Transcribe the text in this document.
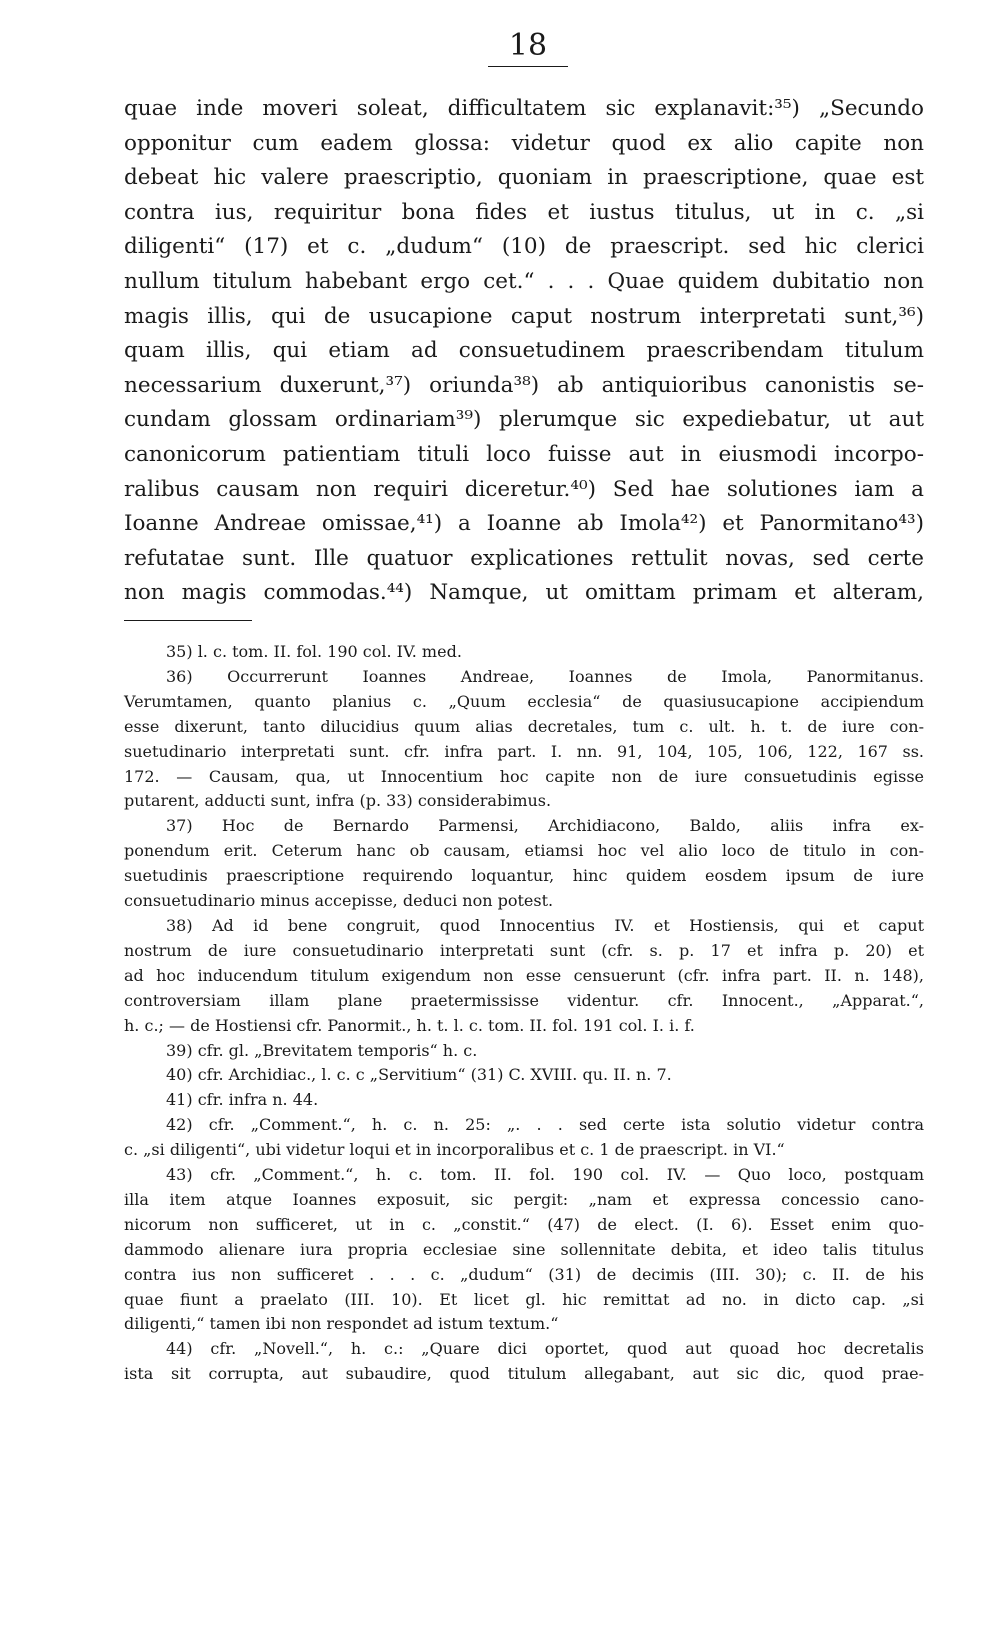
18
quae inde moveri soleat, difficultatem sic explanavit:³⁵) „Secundo
opponitur cum eadem glossa: videtur quod ex alio capite non
debeat hic valere praescriptio, quoniam in praescriptione, quae est
contra ius, requiritur bona fides et iustus titulus, ut in c. „si
diligenti“ (17) et c. „dudum“ (10) de praescript. sed hic clerici
nullum titulum habebant ergo cet.“ . . . Quae quidem dubitatio non
magis illis, qui de usucapione caput nostrum interpretati sunt,³⁶)
quam illis, qui etiam ad consuetudinem praescribendam titulum
necessarium duxerunt,³⁷) oriunda³⁸) ab antiquioribus canonistis se-
cundam glossam ordinariam³⁹) plerumque sic expediebatur, ut aut
canonicorum patientiam tituli loco fuisse aut in eiusmodi incorpo-
ralibus causam non requiri diceretur.⁴⁰) Sed hae solutiones iam a
Ioanne Andreae omissae,⁴¹) a Ioanne ab Imola⁴²) et Panormitano⁴³)
refutatae sunt. Ille quatuor explicationes rettulit novas, sed certe
non magis commodas.⁴⁴) Namque, ut omittam primam et alteram,
35) l. c. tom. II. fol. 190 col. IV. med.
36) Occurrerunt Ioannes Andreae, Ioannes de Imola, Panormitanus.
Verumtamen, quanto planius c. „Quum ecclesia“ de quasiusucapione accipiendum
esse dixerunt, tanto dilucidius quum alias decretales, tum c. ult. h. t. de iure con-
suetudinario interpretati sunt. cfr. infra part. I. nn. 91, 104, 105, 106, 122, 167 ss.
172. — Causam, qua, ut Innocentium hoc capite non de iure consuetudinis egisse
putarent, adducti sunt, infra (p. 33) considerabimus.
37) Hoc de Bernardo Parmensi, Archidiacono, Baldo, aliis infra ex-
ponendum erit. Ceterum hanc ob causam, etiamsi hoc vel alio loco de titulo in con-
suetudinis praescriptione requirendo loquantur, hinc quidem eosdem ipsum de iure
consuetudinario minus accepisse, deduci non potest.
38) Ad id bene congruit, quod Innocentius IV. et Hostiensis, qui et caput
nostrum de iure consuetudinario interpretati sunt (cfr. s. p. 17 et infra p. 20) et
ad hoc inducendum titulum exigendum non esse censuerunt (cfr. infra part. II. n. 148),
controversiam illam plane praetermississe videntur. cfr. Innocent., „Apparat.“,
h. c.; — de Hostiensi cfr. Panormit., h. t. l. c. tom. II. fol. 191 col. I. i. f.
39) cfr. gl. „Brevitatem temporis“ h. c.
40) cfr. Archidiac., l. c. c „Servitium“ (31) C. XVIII. qu. II. n. 7.
41) cfr. infra n. 44.
42) cfr. „Comment.“, h. c. n. 25: „. . . sed certe ista solutio videtur contra
c. „si diligenti“, ubi videtur loqui et in incorporalibus et c. 1 de praescript. in VI.“
43) cfr. „Comment.“, h. c. tom. II. fol. 190 col. IV. — Quo loco, postquam
illa item atque Ioannes exposuit, sic pergit: „nam et expressa concessio cano-
nicorum non sufficeret, ut in c. „constit.“ (47) de elect. (I. 6). Esset enim quo-
dammodo alienare iura propria ecclesiae sine sollennitate debita, et ideo talis titulus
contra ius non sufficeret . . . c. „dudum“ (31) de decimis (III. 30); c. II. de his
quae fiunt a praelato (III. 10). Et licet gl. hic remittat ad no. in dicto cap. „si
diligenti,“ tamen ibi non respondet ad istum textum.“
44) cfr. „Novell.“, h. c.: „Quare dici oportet, quod aut quoad hoc decretalis
ista sit corrupta, aut subaudire, quod titulum allegabant, aut sic dic, quod prae-
